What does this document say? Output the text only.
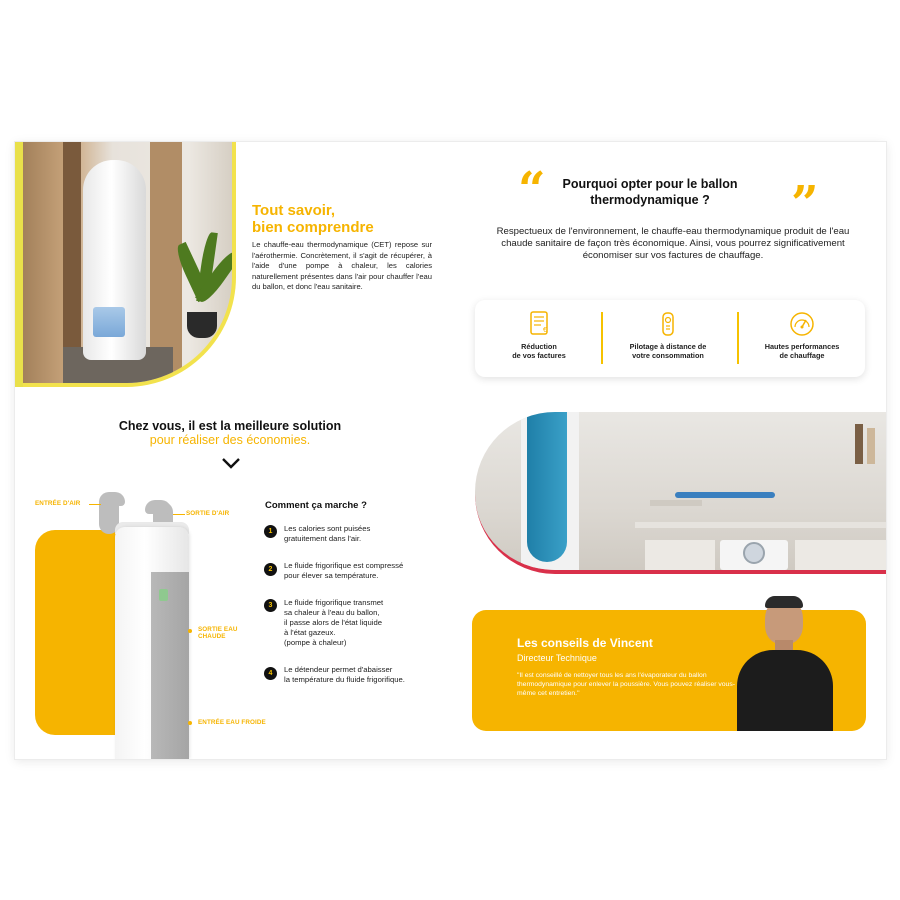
Tout savoir,
bien comprendre
Le chauffe-eau thermodynamique (CET) repose sur l'aérothermie. Concrètement, il s'agit de récupérer, à l'aide d'une pompe à chaleur, les calories naturellement présentes dans l'air pour chauffer l'eau du ballon, et donc l'eau sanitaire.
“	”
Pourquoi opter pour le ballon
thermodynamique ?
Respectueux de l'environnement, le chauffe-eau thermodynamique produit de l'eau chaude sanitaire de façon très économique. Ainsi, vous pourrez significativement économiser sur vos factures de chauffage.
€
Réduction
de vos factures
Pilotage à distance de
votre consommation
Hautes performances
de chauffage
Chez vous, il est la meilleure solution
pour réaliser des économies.
ENTRÉE D'AIR
SORTIE D'AIR
SORTIE EAU
CHAUDE
ENTRÉE EAU FROIDE
Comment ça marche ?
1	Les calories sont puisées
gratuitement dans l'air.
2	Le fluide frigorifique est compressé
pour élever sa température.
3	Le fluide frigorifique transmet
sa chaleur à l'eau du ballon,
il passe alors de l'état liquide
à l'état gazeux.
(pompe à chaleur)
4	Le détendeur permet d'abaisser
la température du fluide frigorifique.
Les conseils de Vincent
Directeur Technique
"Il est conseillé de nettoyer tous les ans l'évaporateur du ballon thermodynamique pour enlever la poussière. Vous pouvez réaliser vous-même cet entretien."
